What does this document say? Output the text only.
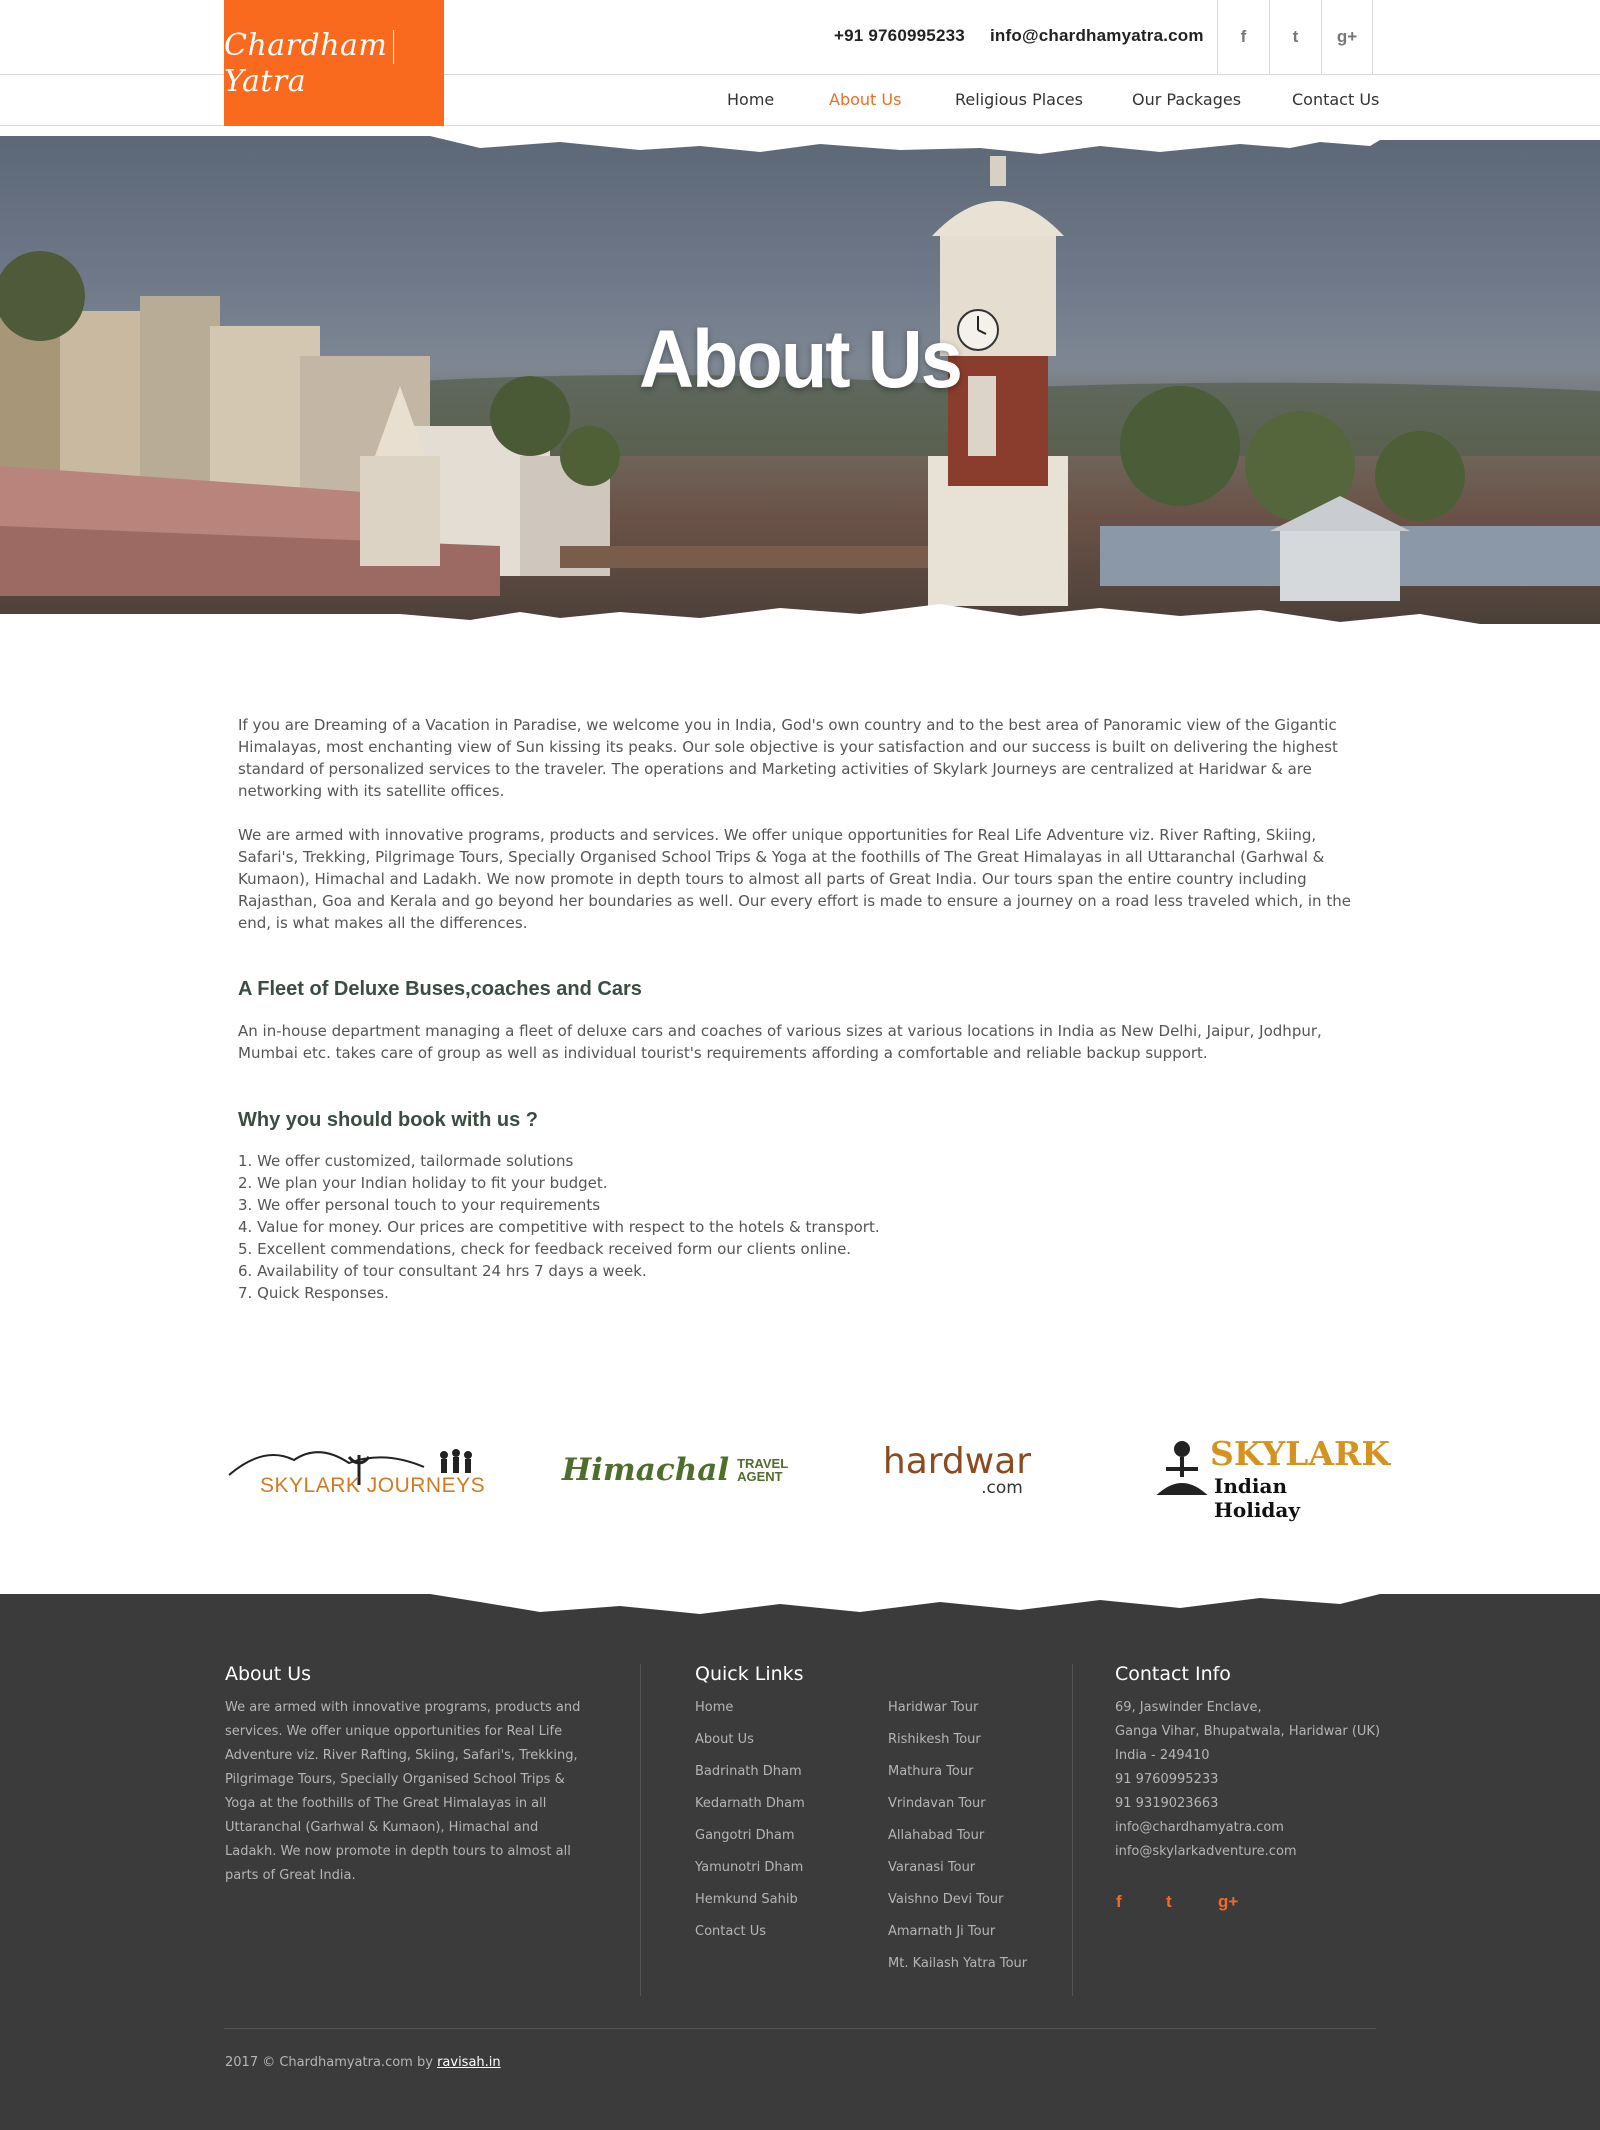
ChardhamYatra
+91 9760995233 info@chardhamyatra.com	f	t	g+
Home	About Us	Religious Places	Our Packages	Contact Us
About Us

If you are Dreaming of a Vacation in Paradise, we welcome you in India, God's own country and to the best area of Panoramic view of the Gigantic Himalayas, most enchanting view of Sun kissing its peaks. Our sole objective is your satisfaction and our success is built on delivering the highest standard of personalized services to the traveler. The operations and Marketing activities of Skylark Journeys are centralized at Haridwar & are networking with its satellite offices.

We are armed with innovative programs, products and services. We offer unique opportunities for Real Life Adventure viz. River Rafting, Skiing, Safari's, Trekking, Pilgrimage Tours, Specially Organised School Trips & Yoga at the foothills of The Great Himalayas in all Uttaranchal (Garhwal & Kumaon), Himachal and Ladakh. We now promote in depth tours to almost all parts of Great India. Our tours span the entire country including Rajasthan, Goa and Kerala and go beyond her boundaries as well. Our every effort is made to ensure a journey on a road less traveled which, in the end, is what makes all the differences.

A Fleet of Deluxe Buses,coaches and Cars

An in-house department managing a fleet of deluxe cars and coaches of various sizes at various locations in India as New Delhi, Jaipur, Jodhpur, Mumbai etc. takes care of group as well as individual tourist's requirements affording a comfortable and reliable backup support.

Why you should book with us ?
1. We offer customized, tailormade solutions
2. We plan your Indian holiday to fit your budget.
3. We offer personal touch to your requirements
4. Value for money. Our prices are competitive with respect to the hotels & transport.
5. Excellent commendations, check for feedback received form our clients online.
6. Availability of tour consultant 24 hrs 7 days a week.
7. Quick Responses.
SKYLARK JOURNEYS Himachal TRAVEL
AGENT	hardwar
.com
SKYLARK
Indian Holiday
About Us

We are armed with innovative programs, products and services. We offer unique opportunities for Real Life Adventure viz. River Rafting, Skiing, Safari's, Trekking, Pilgrimage Tours, Specially Organised School Trips & Yoga at the foothills of The Great Himalayas in all Uttaranchal (Garhwal & Kumaon), Himachal and Ladakh. We now promote in depth tours to almost all parts of Great India.

Quick Links
Home
About Us
Badrinath Dham
Kedarnath Dham
Gangotri Dham
Yamunotri Dham
Hemkund Sahib
Contact Us
Haridwar Tour
Rishikesh Tour
Mathura Tour
Vrindavan Tour
Allahabad Tour
Varanasi Tour
Vaishno Devi Tour
Amarnath Ji Tour
Mt. Kailash Yatra Tour
Contact Info
69, Jaswinder Enclave,
Ganga Vihar, Bhupatwala, Haridwar (UK)
India - 249410
91 9760995233
91 9319023663
info@chardhamyatra.com
info@skylarkadventure.com
f	t	g+
2017 © Chardhamyatra.com by ravisah.in
